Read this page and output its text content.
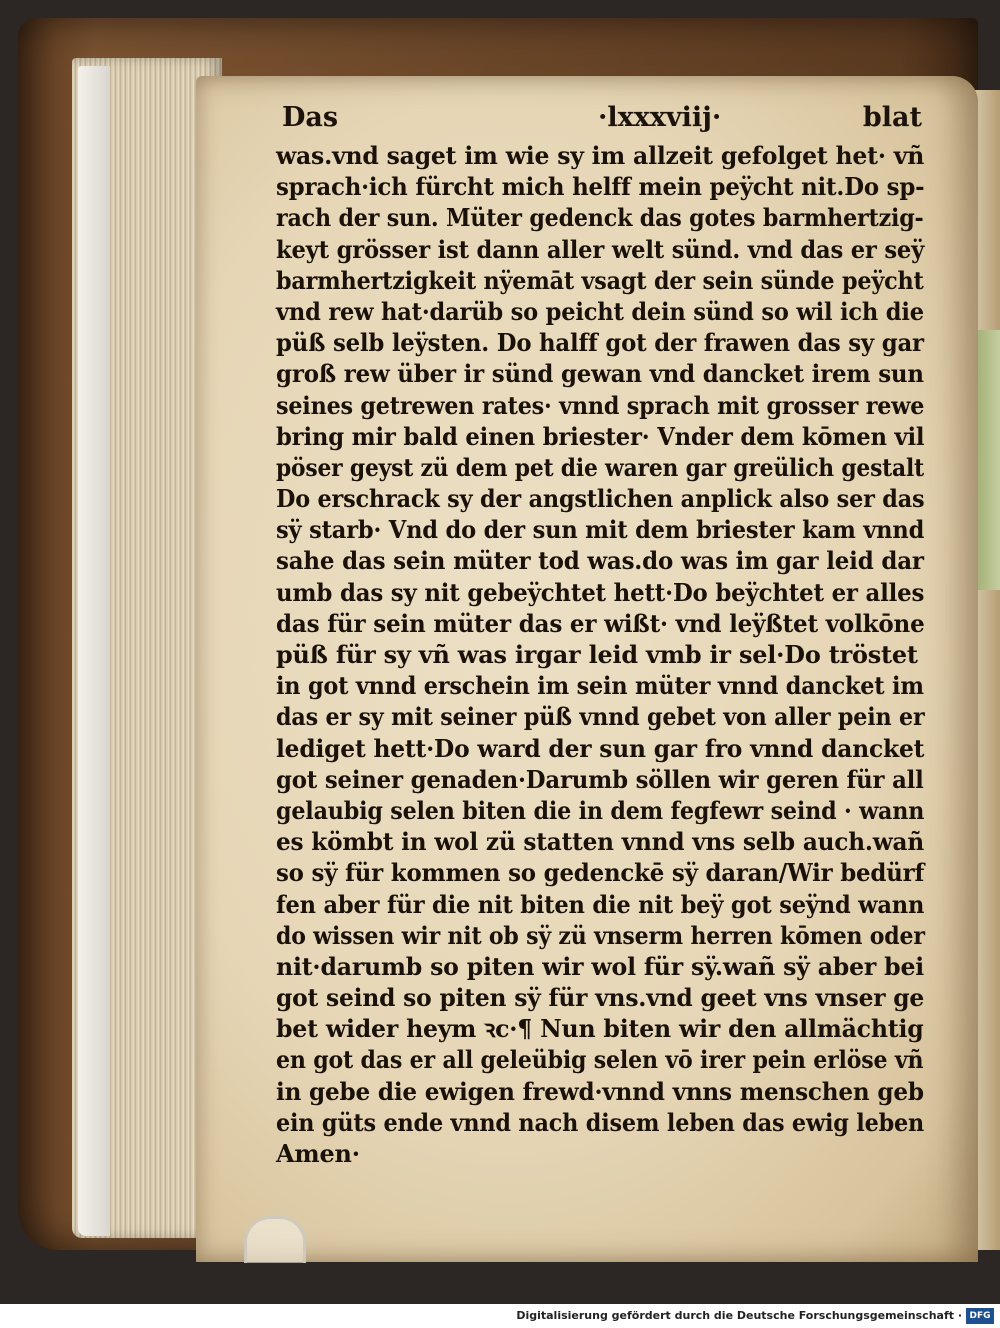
Das	·lxxxviij·	blat
was.vnd saget im wie sy im allzeit gefolget het· vñ
sprach·ich fürcht mich helff mein peÿcht nit.Do sp-
rach der sun. Müter gedenck das gotes barmhertzig-
keyt grösser ist dann aller welt sünd. vnd das er seÿ
barmhertzigkeit nÿemāt vsagt der sein sünde peÿcht
vnd rew hat·darüb so peicht dein sünd so wil ich die
püß selb leÿsten. Do halff got der frawen das sy gar
groß rew über ir sünd gewan vnd dancket irem sun
seines getrewen rates· vnnd sprach mit grosser rewe
bring mir bald einen briester· Vnder dem kōmen vil
pöser geyst zü dem pet die waren gar greülich gestalt
Do erschrack sy der angstlichen anplick also ser das
sÿ starb· Vnd do der sun mit dem briester kam vnnd
sahe das sein müter tod was.do was im gar leid dar
umb das sy nit gebeÿchtet hett·Do beÿchtet er alles
das für sein müter das er wißt· vnd leÿßtet volkōne
püß für sy vñ was irgar leid vmb ir sel·Do tröstet
in got vnnd erschein im sein müter vnnd dancket im
das er sy mit seiner püß vnnd gebet von aller pein er
lediget hett·Do ward der sun gar fro vnnd dancket
got seiner genaden·Darumb söllen wir geren für all
gelaubig selen biten die in dem fegfewr seind · wann
es kömbt in wol zü statten vnnd vns selb auch.wañ
so sÿ für kommen so gedenckē sÿ daran/Wir bedürf
fen aber für die nit biten die nit beÿ got seÿnd wann
do wissen wir nit ob sÿ zü vnserm herren kōmen oder
nit·darumb so piten wir wol für sÿ.wañ sÿ aber bei
got seind so piten sÿ für vns.vnd geet vns vnser ge
bet wider heym ꝛc·¶ Nun biten wir den allmächtig
en got das er all geleübig selen vō irer pein erlöse vñ
in gebe die ewigen frewd·vnnd vnns menschen geb
ein güts ende vnnd nach disem leben das ewig leben
Amen·
Digitalisierung gefördert durch die Deutsche Forschungsgemeinschaft · DFG
